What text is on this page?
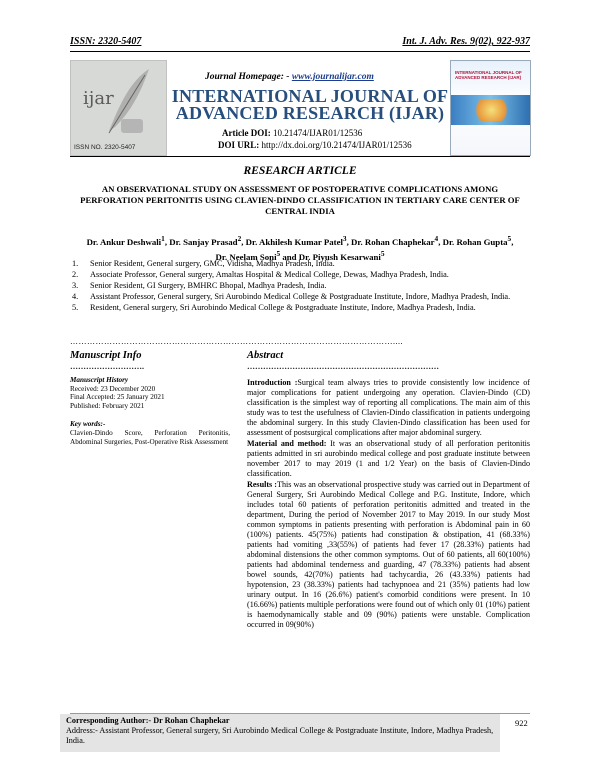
ISSN: 2320-5407	Int. J. Adv. Res. 9(02), 922-937
ijar
ISSN NO. 2320-5407
INTERNATIONAL JOURNAL OF ADVANCED RESEARCH (IJAR)
Journal Homepage: - www.journalijar.com
INTERNATIONAL JOURNAL OF ADVANCED RESEARCH (IJAR)
Article DOI: 10.21474/IJAR01/12536
DOI URL: http://dx.doi.org/10.21474/IJAR01/12536
RESEARCH ARTICLE
AN OBSERVATIONAL STUDY ON ASSESSMENT OF POSTOPERATIVE COMPLICATIONS AMONG PERFORATION PERITONITIS USING CLAVIEN-DINDO CLASSIFICATION IN TERTIARY CARE CENTER OF CENTRAL INDIA
Dr. Ankur Deshwali$^1$, Dr. Sanjay Prasad$^2$, Dr. Akhilesh Kumar Patel$^3$, Dr. Rohan Chaphekar$^4$, Dr. Rohan Gupta$^5$, Dr. Neelam Soni$^5$ and Dr. Piyush Kesarwani$^5$
1.	Senior Resident, General surgery, GMC, Vidisha, Madhya Pradesh, India.
2.	Associate Professor, General surgery, Amaltas Hospital & Medical College, Dewas, Madhya Pradesh, India.
3.	Senior Resident, GI Surgery, BMHRC Bhopal, Madhya Pradesh, India.
4.	Assistant Professor, General surgery, Sri Aurobindo Medical College & Postgraduate Institute, Indore, Madhya Pradesh, India.
5.	Resident, General surgery, Sri Aurobindo Medical College & Postgraduate Institute, Indore, Madhya Pradesh, India.
……………………………………………………………………………………………………....
Manuscript Info	Abstract
……………………….	………………………………………………………………
Manuscript History
Received: 23 December 2020
Final Accepted: 25 January 2021
Published: February 2021
Key words:-
Clavien-Dindo Score, Perforation Peritonitis, Abdominal Surgeries, Post-Operative Risk Assessment

Introduction :Surgical team always tries to provide consistently low incidence of major complications for patient undergoing any operation. Clavien-Dindo (CD) classification is the simplest way of reporting all complications. The main aim of this study was to test the usefulness of Clavien-Dindo classification in patients undergoing the abdominal surgery. In this study Clavien-Dindo classification has been used for assessment of postsurgical complications after major abdominal surgery.

Material and method: It was an observational study of all perforation peritonitis patients admitted in sri aurobindo medical college and post graduate institute between november 2017 to may 2019 (1 and 1/2 Year) on the basis of Clavien-Dindo classification.

Results :This was an observational prospective study was carried out in Department of General Surgery, Sri Aurobindo Medical College and P.G. Institute, Indore, which includes total 60 patients of perforation peritonitis admitted and treated in the department, During the period of November 2017 to May 2019. In our study Most common symptoms in patients presenting with perforation is Abdominal pain in 60 (100%) patients. 45(75%) patients had constipation & obstipation, 41 (68.33%) patients had vomiting ,33(55%) of patients had fever 17 (28.33%) patients had abdominal distensions the other common symptoms. Out of 60 patients, all 60(100%) patients had abdominal tenderness and guarding, 47 (78.33%) patients had absent bowel sounds, 42(70%) patients had tachycardia, 26 (43.33%) patients had hypotension, 23 (38.33%) patients had tachypnoea and 21 (35%) patients had low urinary output. In 16 (26.6%) patient's comorbid conditions were present. In 10 (16.66%) patients multiple perforations were found out of which only 01 (10%) patient is haemodynamically stable and 09 (90%) patients were unstable. Complication occurred in 09(90%)

Corresponding Author:- Dr Rohan Chaphekar
Address:- Assistant Professor, General surgery, Sri Aurobindo Medical College & Postgraduate Institute, Indore, Madhya Pradesh, India.
922
